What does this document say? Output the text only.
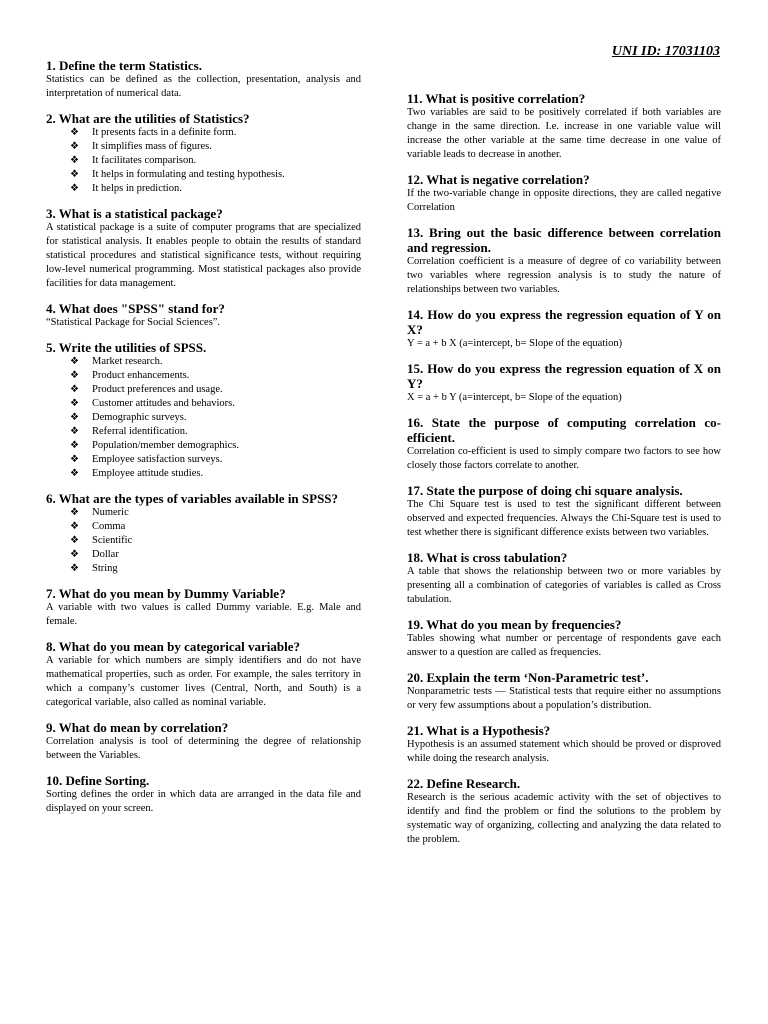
UNI ID: 17031103

1. Define the term Statistics.

Statistics can be defined as the collection, presentation, analysis and interpretation of numerical data.

2. What are the utilities of Statistics?

❖ It presents facts in a definite form.
❖ It simplifies mass of figures.
❖ It facilitates comparison.
❖ It helps in formulating and testing hypothesis.
❖ It helps in prediction.

3. What is a statistical package?

A statistical package is a suite of computer programs that are specialized for statistical analysis. It enables people to obtain the results of standard statistical procedures and statistical significance tests, without requiring low-level numerical programming. Most statistical packages also provide facilities for data management.

4. What does "SPSS" stand for?

“Statistical Package for Social Sciences”.

5. Write the utilities of SPSS.

❖ Market research.
❖ Product enhancements.
❖ Product preferences and usage.
❖ Customer attitudes and behaviors.
❖ Demographic surveys.
❖ Referral identification.
❖ Population/member demographics.
❖ Employee satisfaction surveys.
❖ Employee attitude studies.

6. What are the types of variables available in SPSS?

❖ Numeric
❖ Comma
❖ Scientific
❖ Dollar
❖ String

7. What do you mean by Dummy Variable?

A variable with two values is called Dummy variable. E.g. Male and female.

8. What do you mean by categorical variable?

A variable for which numbers are simply identifiers and do not have mathematical properties, such as order. For example, the sales territory in which a company’s customer lives (Central, North, and South) is a categorical variable, also called as nominal variable.

9. What do mean by correlation?

Correlation analysis is tool of determining the degree of relationship between the Variables.

10. Define Sorting.

Sorting defines the order in which data are arranged in the data file and displayed on your screen.

11. What is positive correlation?

Two variables are said to be positively correlated if both variables are change in the same direction. I.e. increase in one variable value will increase the other variable at the same time decrease in one value of variable leads to decrease in another.

12. What is negative correlation?

If the two-variable change in opposite directions, they are called negative Correlation

13. Bring out the basic difference between correlation and regression.

Correlation coefficient is a measure of degree of co variability between two variables where regression analysis is to study the nature of relationships between two variables.

14. How do you express the regression equation of Y on X?

Y = a + b X (a=intercept, b= Slope of the equation)

15. How do you express the regression equation of X on Y?

X = a + b Y (a=intercept, b= Slope of the equation)

16. State the purpose of computing correlation co-efficient.

Correlation co-efficient is used to simply compare two factors to see how closely those factors correlate to another.

17. State the purpose of doing chi square analysis.

The Chi Square test is used to test the significant different between observed and expected frequencies. Always the Chi-Square test is used to test whether there is significant difference exists between two variables.

18. What is cross tabulation?

A table that shows the relationship between two or more variables by presenting all a combination of categories of variables is called as Cross tabulation.

19. What do you mean by frequencies?

Tables showing what number or percentage of respondents gave each answer to a question are called as frequencies.

20. Explain the term ‘Non-Parametric test’.

Nonparametric tests — Statistical tests that require either no assumptions or very few assumptions about a population’s distribution.

21. What is a Hypothesis?

Hypothesis is an assumed statement which should be proved or disproved while doing the research analysis.

22. Define Research.

Research is the serious academic activity with the set of objectives to identify and find the problem or find the solutions to the problem by systematic way of organizing, collecting and analyzing the data related to the problem.
